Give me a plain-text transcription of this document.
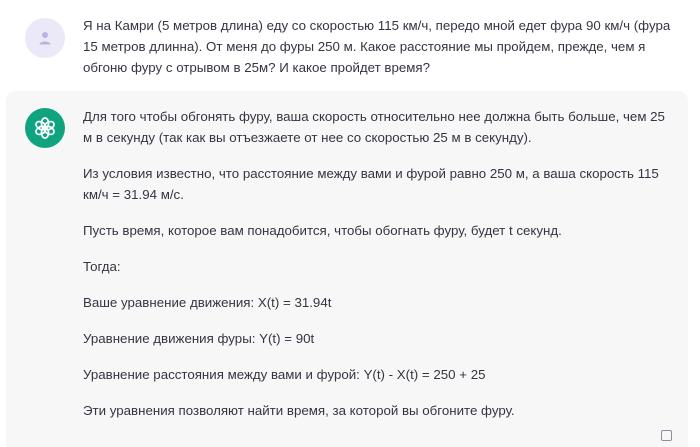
Я на Камри (5 метров длина) еду со скоростью 115 км/ч, передо мной едет фура 90 км/ч (фура 15 метров длинна). От меня до фуры 250 м. Какое расстояние мы пройдем, прежде, чем я обгоню фуру с отрывом в 25м? И какое пройдет время?

Для того чтобы обгонять фуру, ваша скорость относительно нее должна быть больше, чем 25 м в секунду (так как вы отъезжаете от нее со скоростью 25 м в секунду).

Из условия известно, что расстояние между вами и фурой равно 250 м, а ваша скорость 115 км/ч = 31.94 м/с.

Пусть время, которое вам понадобится, чтобы обогнать фуру, будет t секунд.

Тогда:

Ваше уравнение движения: X(t) = 31.94t

Уравнение движения фуры: Y(t) = 90t

Уравнение расстояния между вами и фурой: Y(t) - X(t) = 250 + 25

Эти уравнения позволяют найти время, за которой вы обгоните фуру.
